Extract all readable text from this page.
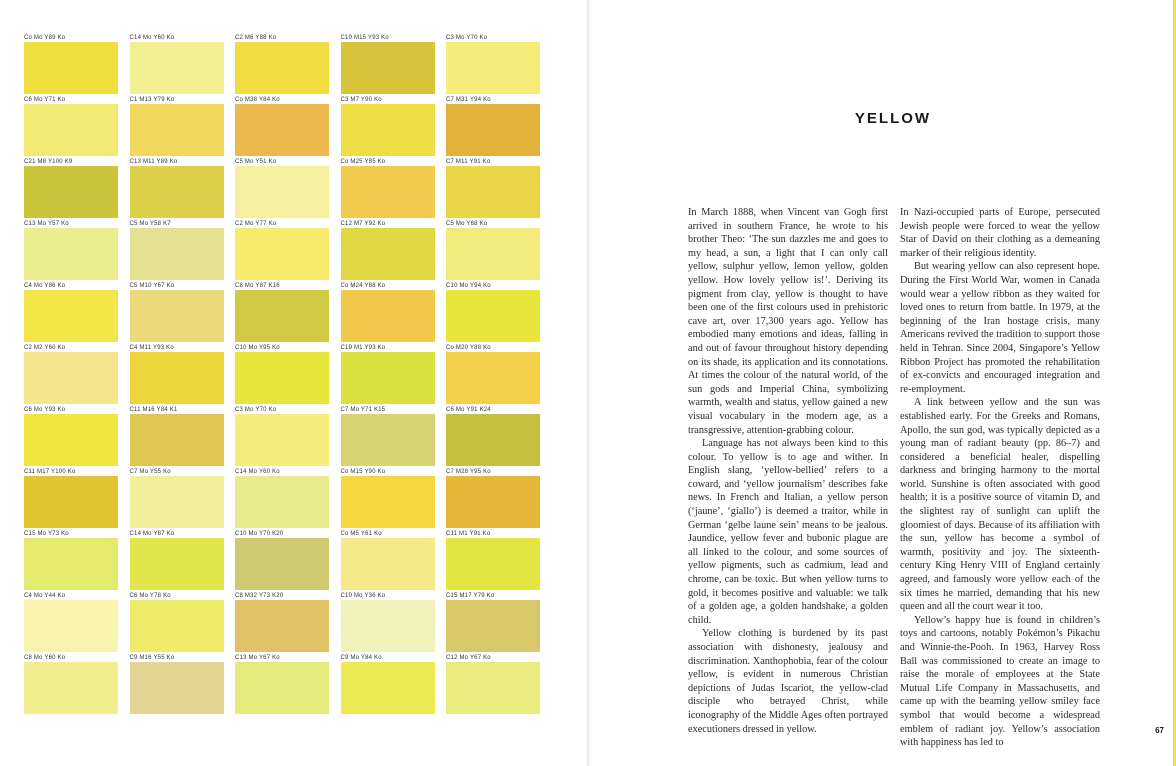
Co Mo Y89 Ko	C14 Mo Y60 Ko	C2 M6 Y88 Ko	C10 M15 Y93 Ko	C3 Mo Y70 Ko
C6 Mo Y71 Ko	C1 M13 Y79 Ko	Co M38 Y84 Ko	C3 M7 Y90 Ko	C7 M31 Y94 Ko
C21 M8 Y100 K9	C13 M11 Y89 Ko	C5 Mo Y51 Ko	Co M25 Y85 Ko	C7 M11 Y91 Ko
C13 Mo Y57 Ko	C5 Mo Y58 K7	C2 Mo Y77 Ko	C12 M7 Y92 Ko	C5 Mo Y68 Ko
C4 Mo Y86 Ko	C5 M10 Y67 Ko	C8 Mo Y87 K16	Co M24 Y88 Ko	C10 Mo Y94 Ko
C2 M2 Y60 Ko	C4 M11 Y93 Ko	C10 Mo Y95 Ko	C19 M1 Y93 Ko	Co M20 Y88 Ko
C6 Mo Y93 Ko	C11 M16 Y84 K1	C3 Mo Y70 Ko	C7 Mo Y71 K15	C6 Mo Y91 K24
C11 M17 Y100 Ko	C7 Mo Y55 Ko	C14 Mo Y60 Ko	Co M15 Y90 Ko	C7 M28 Y95 Ko
C15 Mo Y73 Ko	C14 Mo Y87 Ko	C10 Mo Y70 K20	Co M5 Y61 Ko	C11 M1 Y91 Ko
C4 Mo Y44 Ko	C6 Mo Y78 Ko	C8 M32 Y73 K20	C10 Mo Y36 Ko	C15 M17 Y79 Ko
C8 Mo Y60 Ko	C9 M16 Y55 Ko	C13 Mo Y67 Ko	C9 Mo Y84 Ko	C12 Mo Y67 Ko
YELLOW

In March 1888, when Vincent van Gogh first arrived in southern France, he wrote to his brother Theo: ‘The sun dazzles me and goes to my head, a sun, a light that I can only call yellow, sulphur yellow, lemon yellow, golden yellow. How lovely yellow is!’. Deriving its pigment from clay, yellow is thought to have been one of the first colours used in prehistoric cave art, over 17,300 years ago. Yellow has embodied many emotions and ideas, falling in and out of favour throughout history depending on its shade, its application and its connotations. At times the colour of the natural world, of the sun gods and Imperial China, symbolizing warmth, wealth and status, yellow gained a new visual vocabulary in the modern age, as a transgressive, attention-grabbing colour.

Language has not always been kind to this colour. To yellow is to age and wither. In English slang, ‘yellow-bellied’ refers to a coward, and ‘yellow journalism’ describes fake news. In French and Italian, a yellow person (‘jaune’, ‘giallo’) is deemed a traitor, while in German ‘gelbe laune sein’ means to be jealous. Jaundice, yellow fever and bubonic plague are all linked to the colour, and some sources of yellow pigments, such as cadmium, lead and chrome, can be toxic. But when yellow turns to gold, it becomes positive and valuable: we talk of a golden age, a golden handshake, a golden child.

Yellow clothing is burdened by its past association with dishonesty, jealousy and discrimination. Xanthophobia, fear of the colour yellow, is evident in numerous Christian depictions of Judas Iscariot, the yellow-clad disciple who betrayed Christ, while iconography of the Middle Ages often portrayed executioners dressed in yellow.

In Nazi-occupied parts of Europe, persecuted Jewish people were forced to wear the yellow Star of David on their clothing as a demeaning marker of their religious identity.

But wearing yellow can also represent hope. During the First World War, women in Canada would wear a yellow ribbon as they waited for loved ones to return from battle. In 1979, at the beginning of the Iran hostage crisis, many Americans revived the tradition to support those held in Tehran. Since 2004, Singapore’s Yellow Ribbon Project has promoted the rehabilitation of ex-convicts and encouraged integration and re-employment.

A link between yellow and the sun was established early. For the Greeks and Romans, Apollo, the sun god, was typically depicted as a young man of radiant beauty (pp. 86–7) and considered a beneficial healer, dispelling darkness and bringing harmony to the mortal world. Sunshine is often associated with good health; it is a positive source of vitamin D, and the slightest ray of sunlight can uplift the gloomiest of days. Because of its affiliation with the sun, yellow has become a symbol of warmth, positivity and joy. The sixteenth-century King Henry VIII of England certainly agreed, and famously wore yellow each of the six times he married, demanding that his new queen and all the court wear it too.

Yellow’s happy hue is found in children’s toys and cartoons, notably Pokémon’s Pikachu and Winnie-the-Pooh. In 1963, Harvey Ross Ball was commissioned to create an image to raise the morale of employees at the State Mutual Life Company in Massachusetts, and came up with the beaming yellow smiley face symbol that would become a widespread emblem of radiant joy. Yellow’s association with happiness has led to

67
